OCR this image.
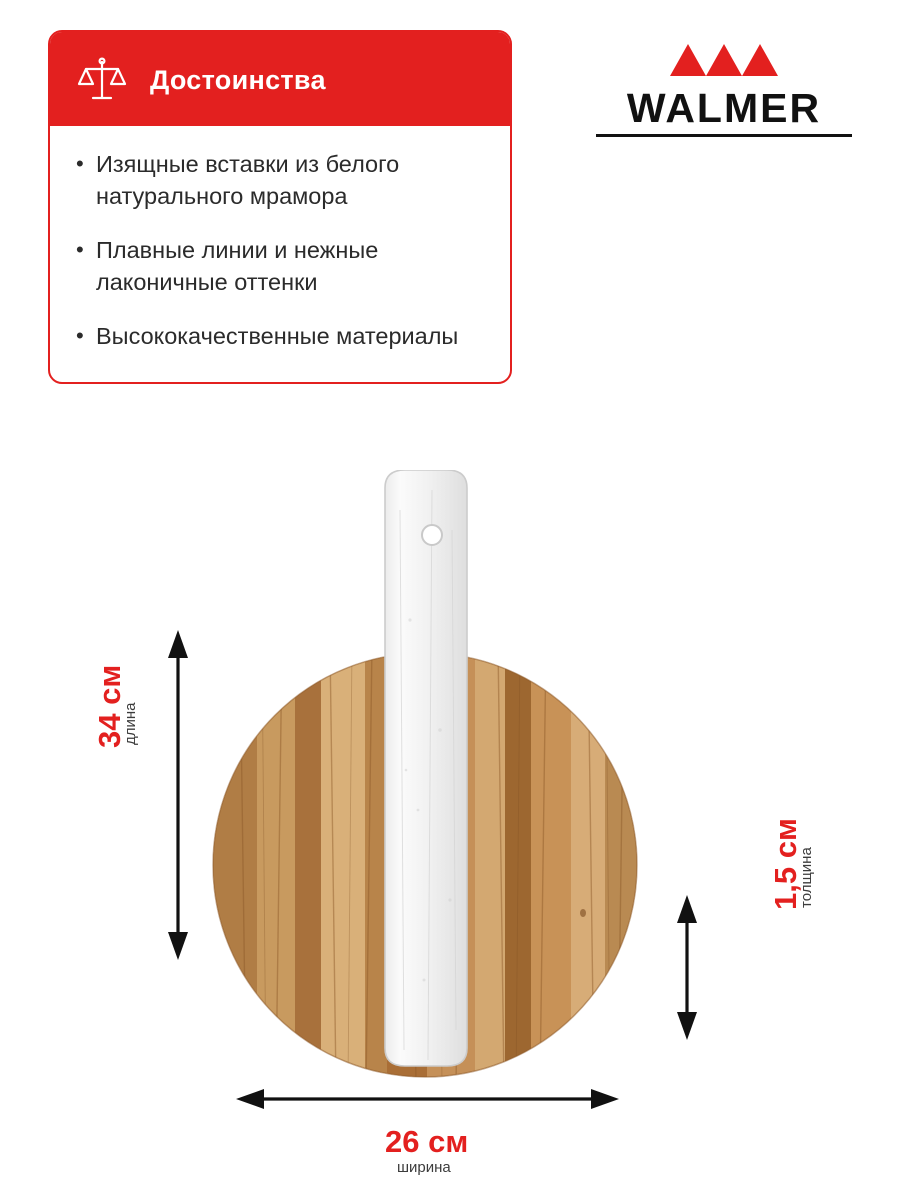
Достоинства
• Изящные вставки из белого натурального мрамора
• Плавные линии и нежные лаконичные оттенки
• Высококачественные материалы
WALMER
34 см
длина
1,5 см
толщина
26 см
ширина
